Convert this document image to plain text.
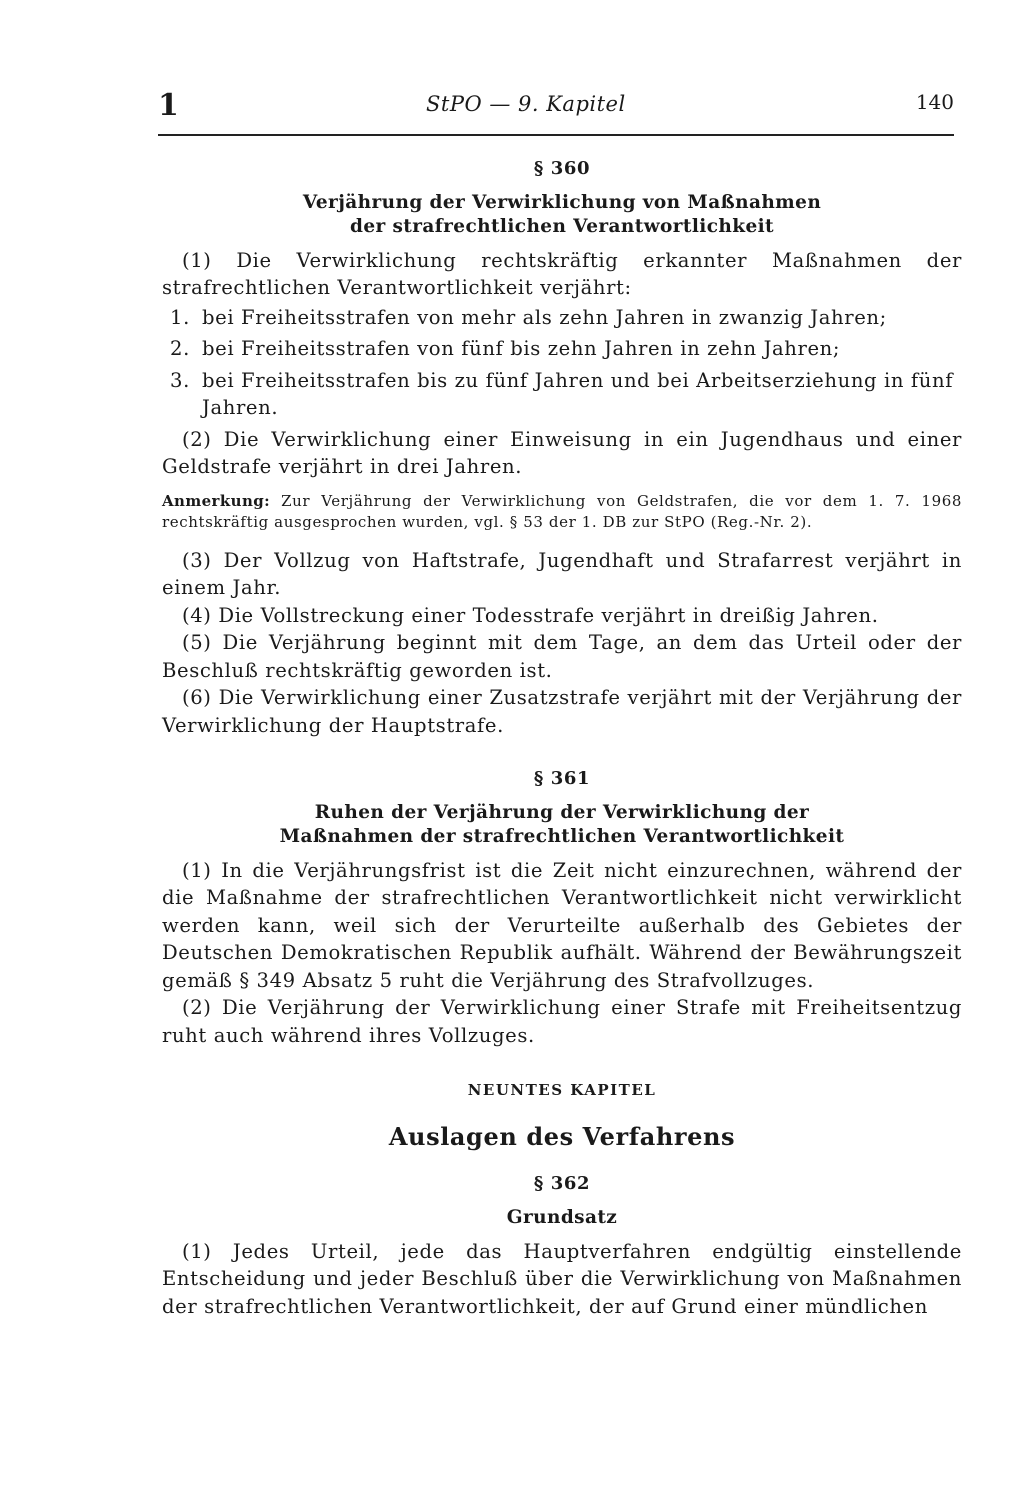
1	StPO — 9. Kapitel	140
§ 360
Verjährung der Verwirklichung von Maßnahmen
der strafrechtlichen Verantwortlichkeit

(1) Die Verwirklichung rechtskräftig erkannter Maßnahmen der strafrechtlichen Verantwortlichkeit verjährt:

1. bei Freiheitsstrafen von mehr als zehn Jahren in zwanzig Jahren;
2. bei Freiheitsstrafen von fünf bis zehn Jahren in zehn Jahren;
3. bei Freiheitsstrafen bis zu fünf Jahren und bei Arbeitserziehung in fünf Jahren.

(2) Die Verwirklichung einer Einweisung in ein Jugendhaus und einer Geldstrafe verjährt in drei Jahren.

Anmerkung: Zur Verjährung der Verwirklichung von Geldstrafen, die vor dem 1. 7. 1968 rechtskräftig ausgesprochen wurden, vgl. § 53 der 1. DB zur StPO (Reg.-Nr. 2).

(3) Der Vollzug von Haftstrafe, Jugendhaft und Strafarrest verjährt in einem Jahr.

(4) Die Vollstreckung einer Todesstrafe verjährt in dreißig Jahren.

(5) Die Verjährung beginnt mit dem Tage, an dem das Urteil oder der Beschluß rechtskräftig geworden ist.

(6) Die Verwirklichung einer Zusatzstrafe verjährt mit der Verjährung der Verwirklichung der Hauptstrafe.

§ 361
Ruhen der Verjährung der Verwirklichung der
Maßnahmen der strafrechtlichen Verantwortlichkeit

(1) In die Verjährungsfrist ist die Zeit nicht einzurechnen, während der die Maßnahme der strafrechtlichen Verantwortlichkeit nicht verwirklicht werden kann, weil sich der Verurteilte außerhalb des Gebietes der Deutschen Demokratischen Republik aufhält. Während der Bewährungszeit gemäß § 349 Absatz 5 ruht die Verjährung des Strafvollzuges.

(2) Die Verjährung der Verwirklichung einer Strafe mit Freiheitsentzug ruht auch während ihres Vollzuges.

NEUNTES KAPITEL
Auslagen des Verfahrens
§ 362
Grundsatz

(1) Jedes Urteil, jede das Hauptverfahren endgültig einstellende Entscheidung und jeder Beschluß über die Verwirklichung von Maßnahmen der strafrechtlichen Verantwortlichkeit, der auf Grund einer mündlichen
